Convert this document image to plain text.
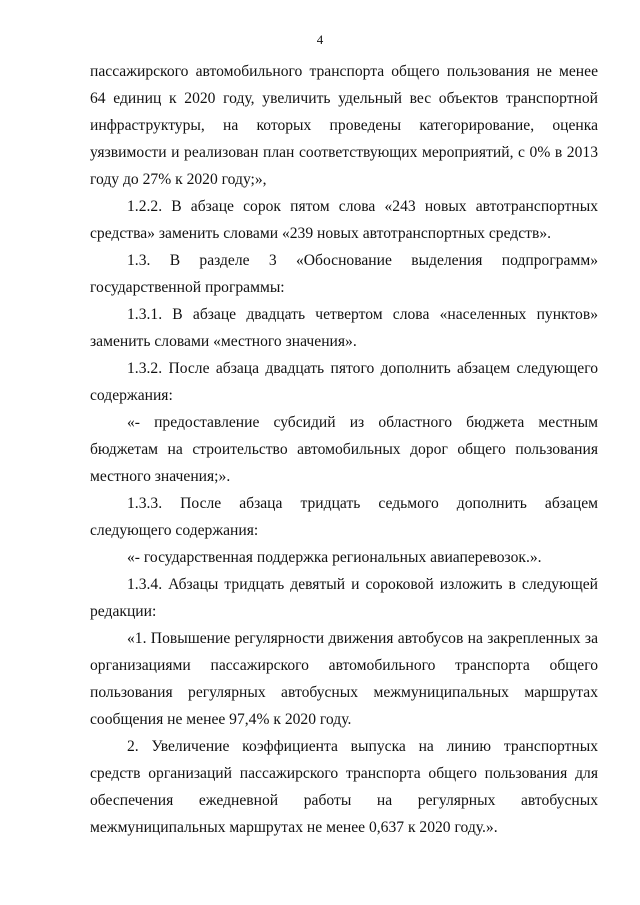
4

пассажирского автомобильного транспорта общего пользования не менее 64 единиц к 2020 году, увеличить удельный вес объектов транспортной инфраструктуры, на которых проведены категорирование, оценка уязвимости и реализован план соответствующих мероприятий, с 0% в 2013 году до 27% к 2020 году;»,

1.2.2. В абзаце сорок пятом слова «243 новых автотранспортных средства» заменить словами «239 новых автотранспортных средств».

1.3. В разделе 3 «Обоснование выделения подпрограмм» государственной программы:

1.3.1. В абзаце двадцать четвертом слова «населенных пунктов» заменить словами «местного значения».

1.3.2. После абзаца двадцать пятого дополнить абзацем следующего содержания:

«- предоставление субсидий из областного бюджета местным бюджетам на строительство автомобильных дорог общего пользования местного значения;».

1.3.3. После абзаца тридцать седьмого дополнить абзацем следующего содержания:

«- государственная поддержка региональных авиаперевозок.».

1.3.4. Абзацы тридцать девятый и сороковой изложить в следующей редакции:

«1. Повышение регулярности движения автобусов на закрепленных за организациями пассажирского автомобильного транспорта общего пользования регулярных автобусных межмуниципальных маршрутах сообщения не менее 97,4% к 2020 году.

2. Увеличение коэффициента выпуска на линию транспортных средств организаций пассажирского транспорта общего пользования для обеспечения ежедневной работы на регулярных автобусных межмуниципальных маршрутах не менее 0,637 к 2020 году.».
